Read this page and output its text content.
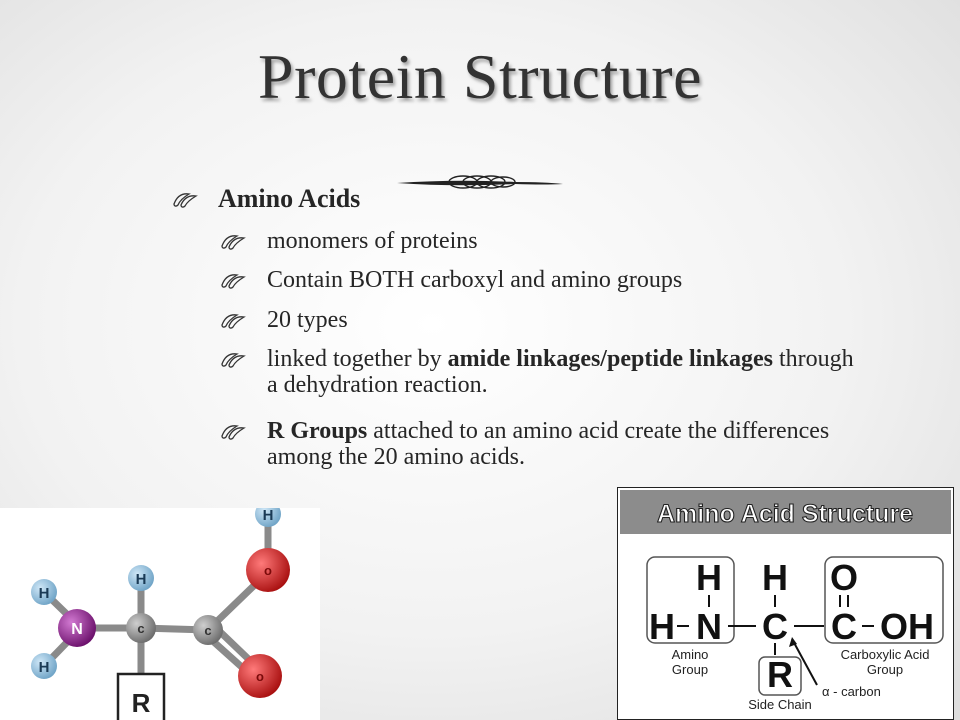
Protein Structure
Amino Acids
monomers of proteins
Contain BOTH carboxyl and amino groups
20 types
linked together by amide linkages/peptide linkages through a dehydration reaction.
R Groups attached to an amino acid create the differences among the 20 amino acids.
H
H
H
H
N	c	c
o
o
R
Amino Acid Structure
H H O
H N C C OH
R
Amino
Group
Carboxylic Acid
Group
Side Chain
α - carbon
